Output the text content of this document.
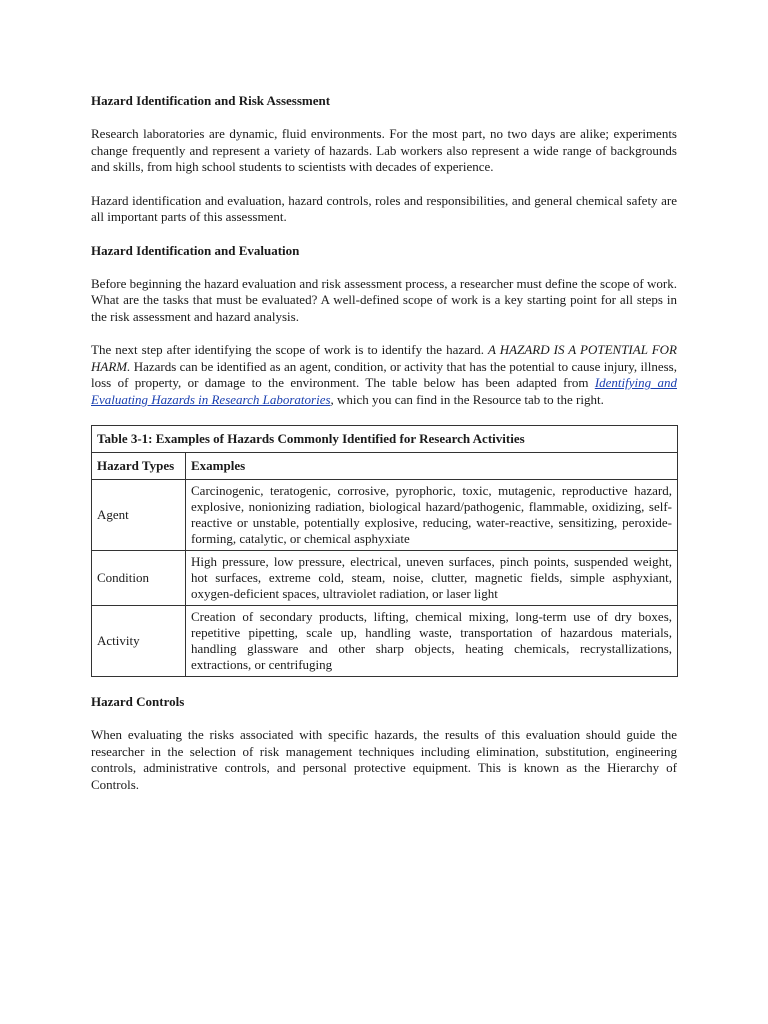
Hazard Identification and Risk Assessment

Research laboratories are dynamic, fluid environments. For the most part, no two days are alike; experiments change frequently and represent a variety of hazards. Lab workers also represent a wide range of backgrounds and skills, from high school students to scientists with decades of experience.

Hazard identification and evaluation, hazard controls, roles and responsibilities, and general chemical safety are all important parts of this assessment.

Hazard Identification and Evaluation

Before beginning the hazard evaluation and risk assessment process, a researcher must define the scope of work. What are the tasks that must be evaluated? A well-defined scope of work is a key starting point for all steps in the risk assessment and hazard analysis.

The next step after identifying the scope of work is to identify the hazard. A HAZARD IS A POTENTIAL FOR HARM. Hazards can be identified as an agent, condition, or activity that has the potential to cause injury, illness, loss of property, or damage to the environment. The table below has been adapted from Identifying and Evaluating Hazards in Research Laboratories, which you can find in the Resource tab to the right.

Table 3-1: Examples of Hazards Commonly Identified for Research Activities	
Hazard Types	Examples
Agent	Carcinogenic, teratogenic, corrosive, pyrophoric, toxic, mutagenic, reproductive hazard, explosive, nonionizing radiation, biological hazard/pathogenic, flammable, oxidizing, self-reactive or unstable, potentially explosive, reducing, water-reactive, sensitizing, peroxide-forming, catalytic, or chemical asphyxiate
Condition	High pressure, low pressure, electrical, uneven surfaces, pinch points, suspended weight, hot surfaces, extreme cold, steam, noise, clutter, magnetic fields, simple asphyxiant, oxygen-deficient spaces, ultraviolet radiation, or laser light
Activity	Creation of secondary products, lifting, chemical mixing, long-term use of dry boxes, repetitive pipetting, scale up, handling waste, transportation of hazardous materials, handling glassware and other sharp objects, heating chemicals, recrystallizations, extractions, or centrifuging
Hazard Controls

When evaluating the risks associated with specific hazards, the results of this evaluation should guide the researcher in the selection of risk management techniques including elimination, substitution, engineering controls, administrative controls, and personal protective equipment. This is known as the Hierarchy of Controls.
